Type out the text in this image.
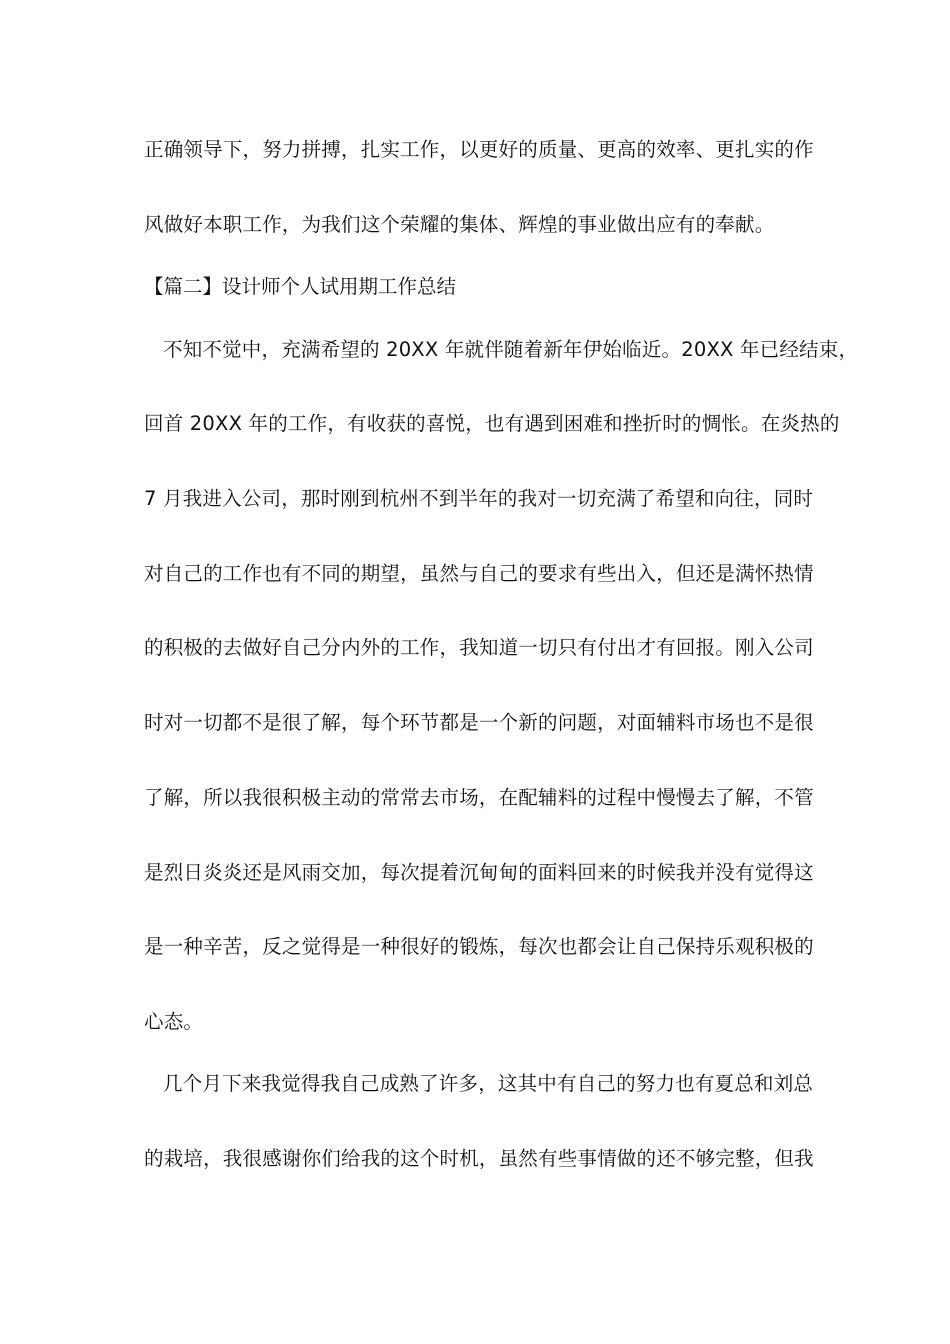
正确领导下，努力拼搏，扎实工作，以更好的质量、更高的效率、更扎实的作
风做好本职工作，为我们这个荣耀的集体、辉煌的事业做出应有的奉献。
【篇二】设计师个人试用期工作总结
不知不觉中，充满希望的 20XX 年就伴随着新年伊始临近。20XX 年已经结束，
回首 20XX 年的工作，有收获的喜悦，也有遇到困难和挫折时的惆怅。在炎热的
7 月我进入公司，那时刚到杭州不到半年的我对一切充满了希望和向往，同时
对自己的工作也有不同的期望，虽然与自己的要求有些出入，但还是满怀热情
的积极的去做好自己分内外的工作，我知道一切只有付出才有回报。刚入公司
时对一切都不是很了解，每个环节都是一个新的问题，对面辅料市场也不是很
了解，所以我很积极主动的常常去市场，在配辅料的过程中慢慢去了解，不管
是烈日炎炎还是风雨交加，每次提着沉甸甸的面料回来的时候我并没有觉得这
是一种辛苦，反之觉得是一种很好的锻炼，每次也都会让自己保持乐观积极的
心态。
几个月下来我觉得我自己成熟了许多，这其中有自己的努力也有夏总和刘总
的栽培，我很感谢你们给我的这个时机，虽然有些事情做的还不够完整，但我
